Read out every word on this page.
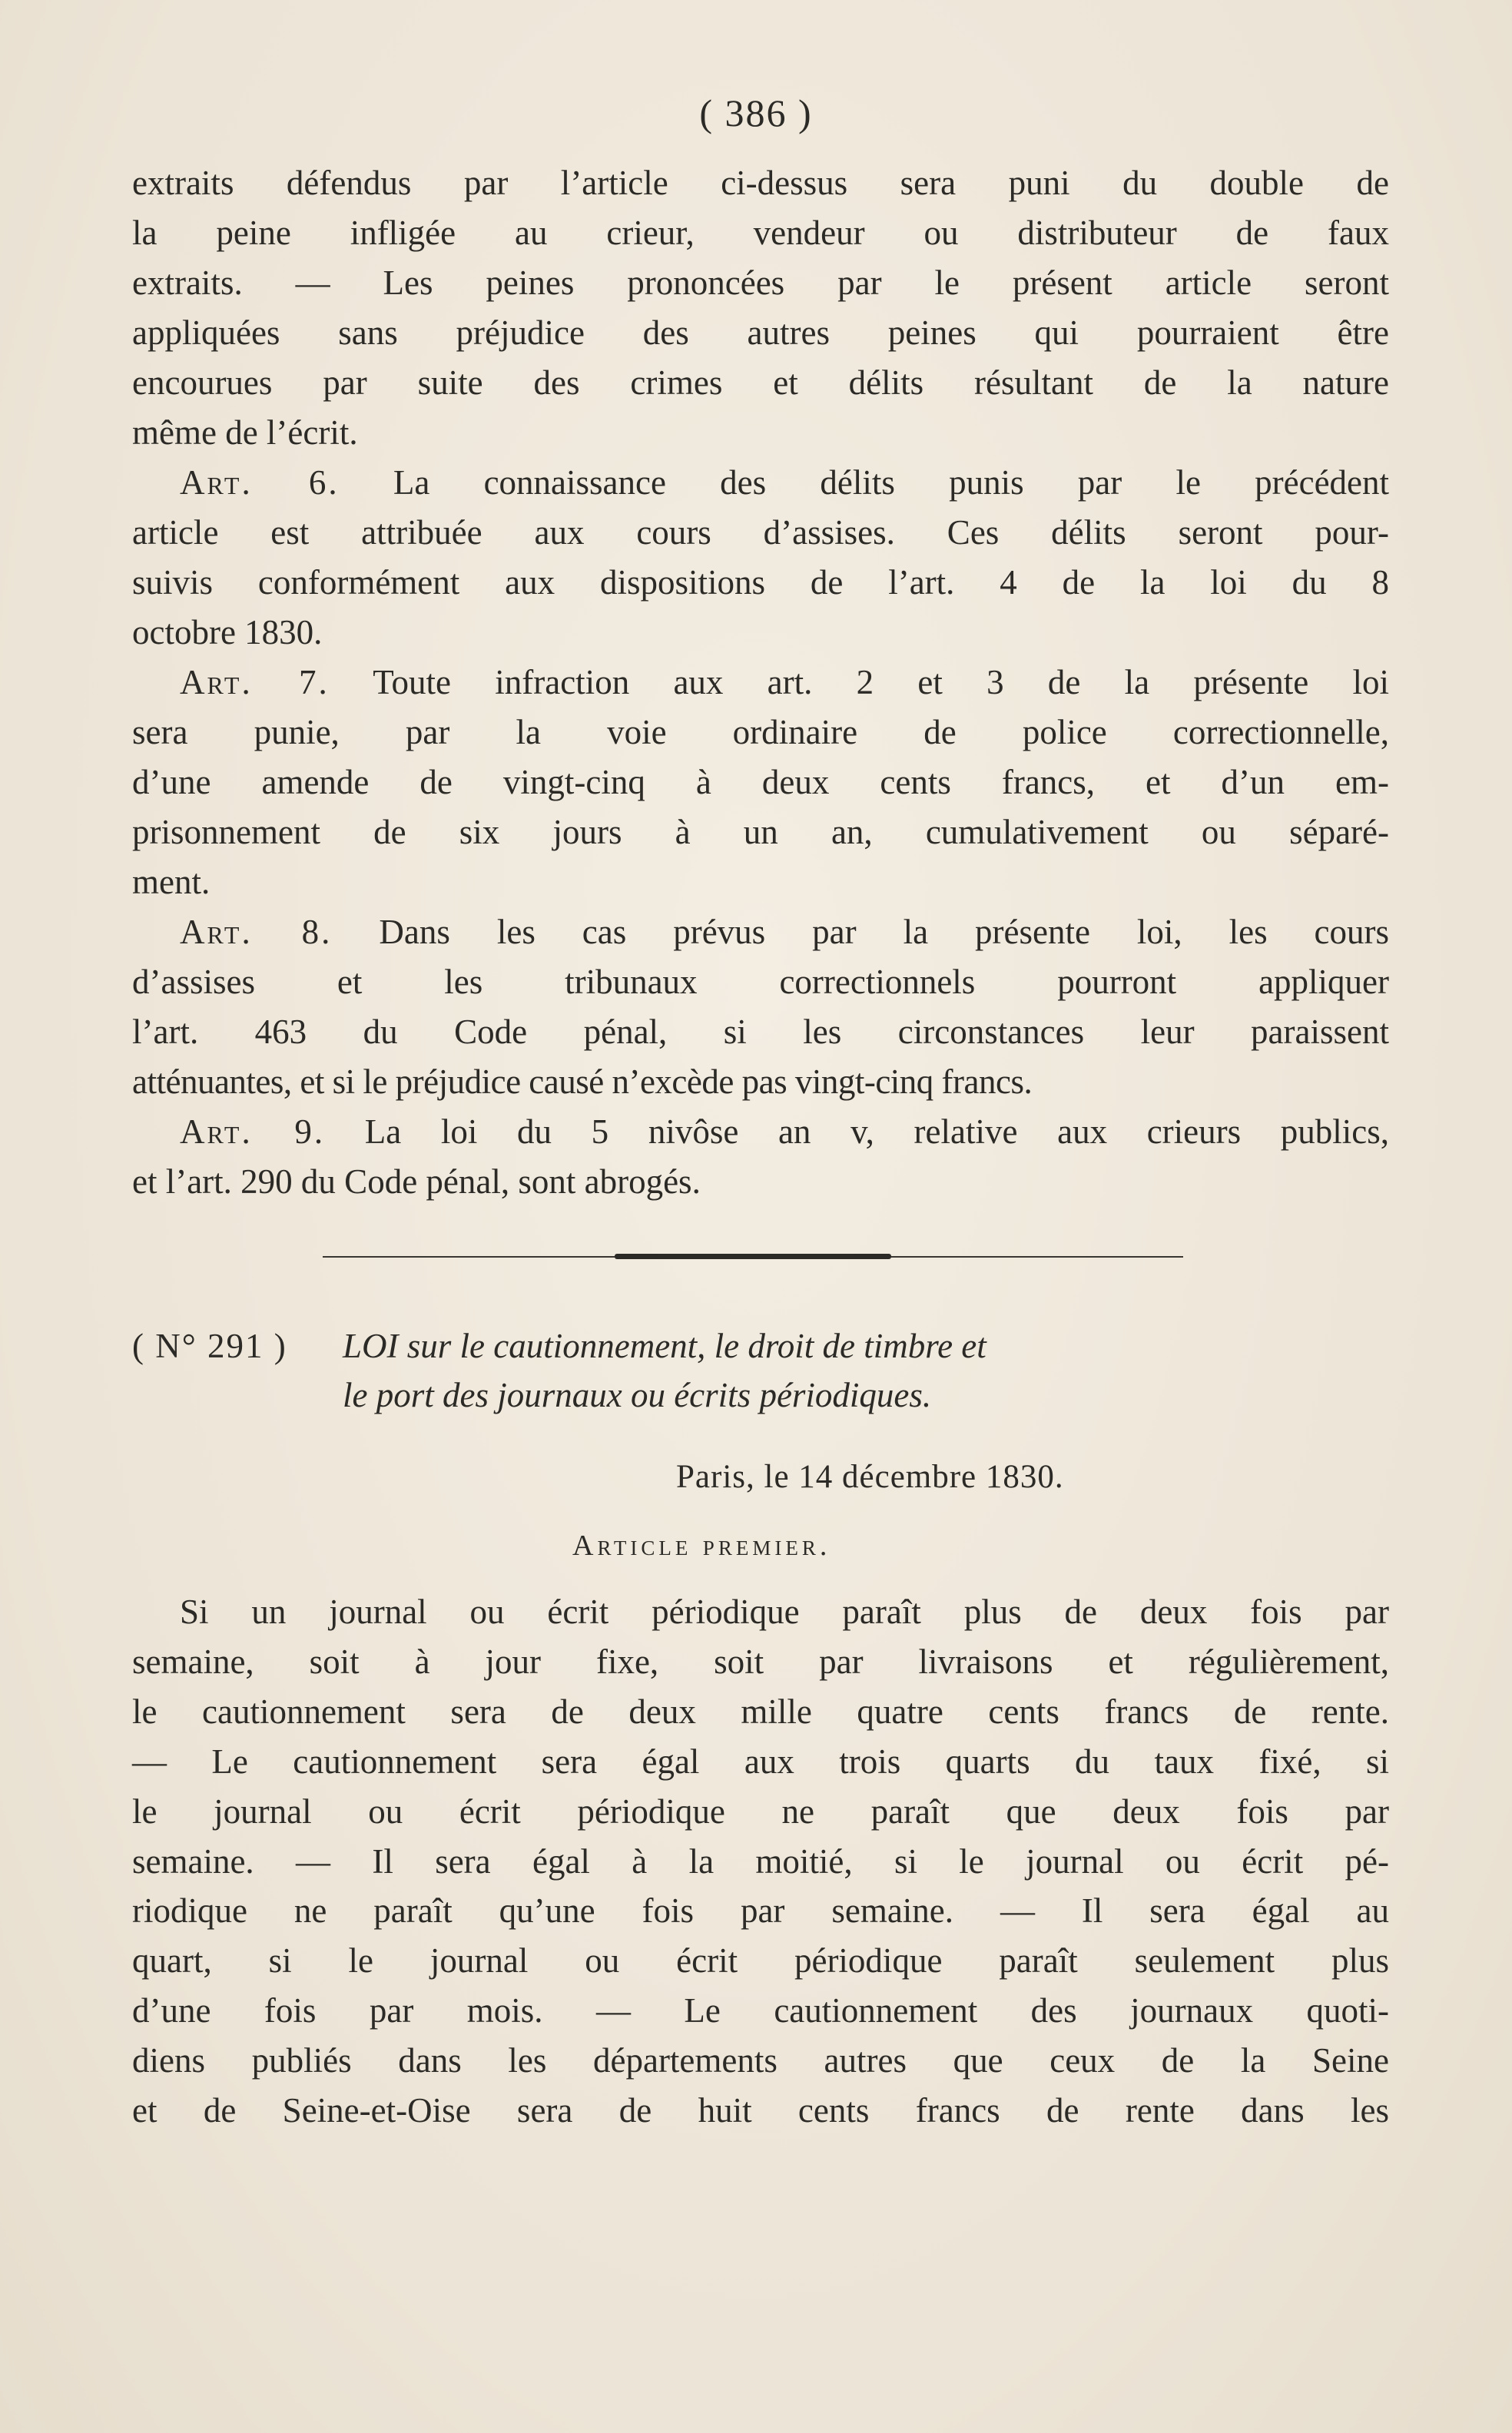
( 386 )

extraits défendus par l’article ci-dessus sera puni du double de

la peine infligée au crieur, vendeur ou distributeur de faux

extraits. — Les peines prononcées par le présent article seront

appliquées sans préjudice des autres peines qui pourraient être

encourues par suite des crimes et délits résultant de la nature

même de l’écrit.

Art. 6. La connaissance des délits punis par le précédent

article est attribuée aux cours d’assises. Ces délits seront pour-

suivis conformément aux dispositions de l’art. 4 de la loi du 8

octobre 1830.

Art. 7. Toute infraction aux art. 2 et 3 de la présente loi

sera punie, par la voie ordinaire de police correctionnelle,

d’une amende de vingt-cinq à deux cents francs, et d’un em-

prisonnement de six jours à un an, cumulativement ou séparé-

ment.

Art. 8. Dans les cas prévus par la présente loi, les cours

d’assises et les tribunaux correctionnels pourront appliquer

l’art. 463 du Code pénal, si les circonstances leur paraissent

atténuantes, et si le préjudice causé n’excède pas vingt-cinq francs.

Art. 9. La loi du 5 nivôse an v, relative aux crieurs publics,

et l’art. 290 du Code pénal, sont abrogés.

( N° 291 ) LOI sur le cautionnement, le droit de timbre et
le port des journaux ou écrits périodiques.
Paris, le 14 décembre 1830.
Article premier.

Si un journal ou écrit périodique paraît plus de deux fois par

semaine, soit à jour fixe, soit par livraisons et régulièrement,

le cautionnement sera de deux mille quatre cents francs de rente.

— Le cautionnement sera égal aux trois quarts du taux fixé, si

le journal ou écrit périodique ne paraît que deux fois par

semaine. — Il sera égal à la moitié, si le journal ou écrit pé-

riodique ne paraît qu’une fois par semaine. — Il sera égal au

quart, si le journal ou écrit périodique paraît seulement plus

d’une fois par mois. — Le cautionnement des journaux quoti-

diens publiés dans les départements autres que ceux de la Seine

et de Seine-et-Oise sera de huit cents francs de rente dans les
